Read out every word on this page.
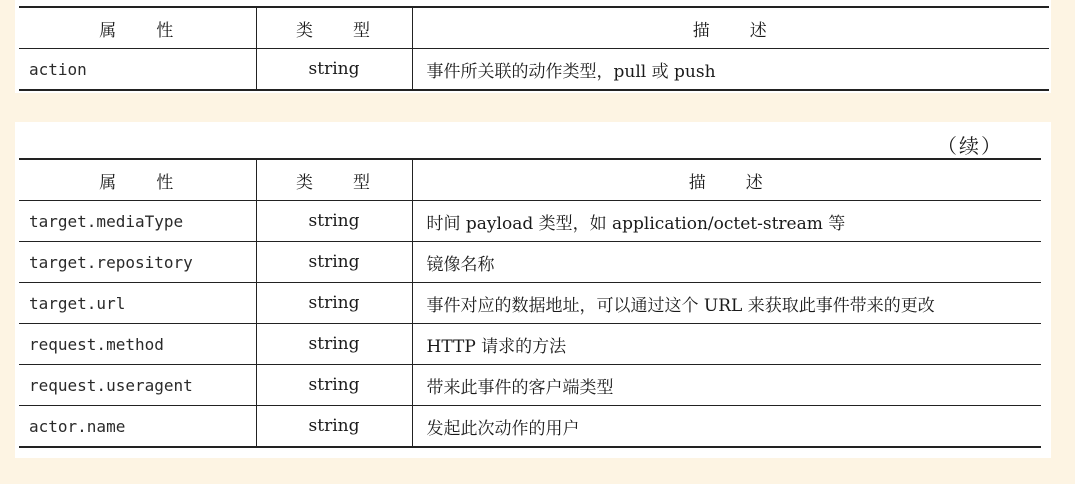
属　　性	类　　型	描　　述
action	string	事件所关联的动作类型，pull 或 push
（续）
属　　性	类　　型	描　　述
target.mediaType	string	时间 payload 类型，如 application/octet-stream 等
target.repository	string	镜像名称
target.url	string	事件对应的数据地址，可以通过这个 URL 来获取此事件带来的更改
request.method	string	HTTP 请求的方法
request.useragent	string	带来此事件的客户端类型
actor.name	string	发起此次动作的用户
